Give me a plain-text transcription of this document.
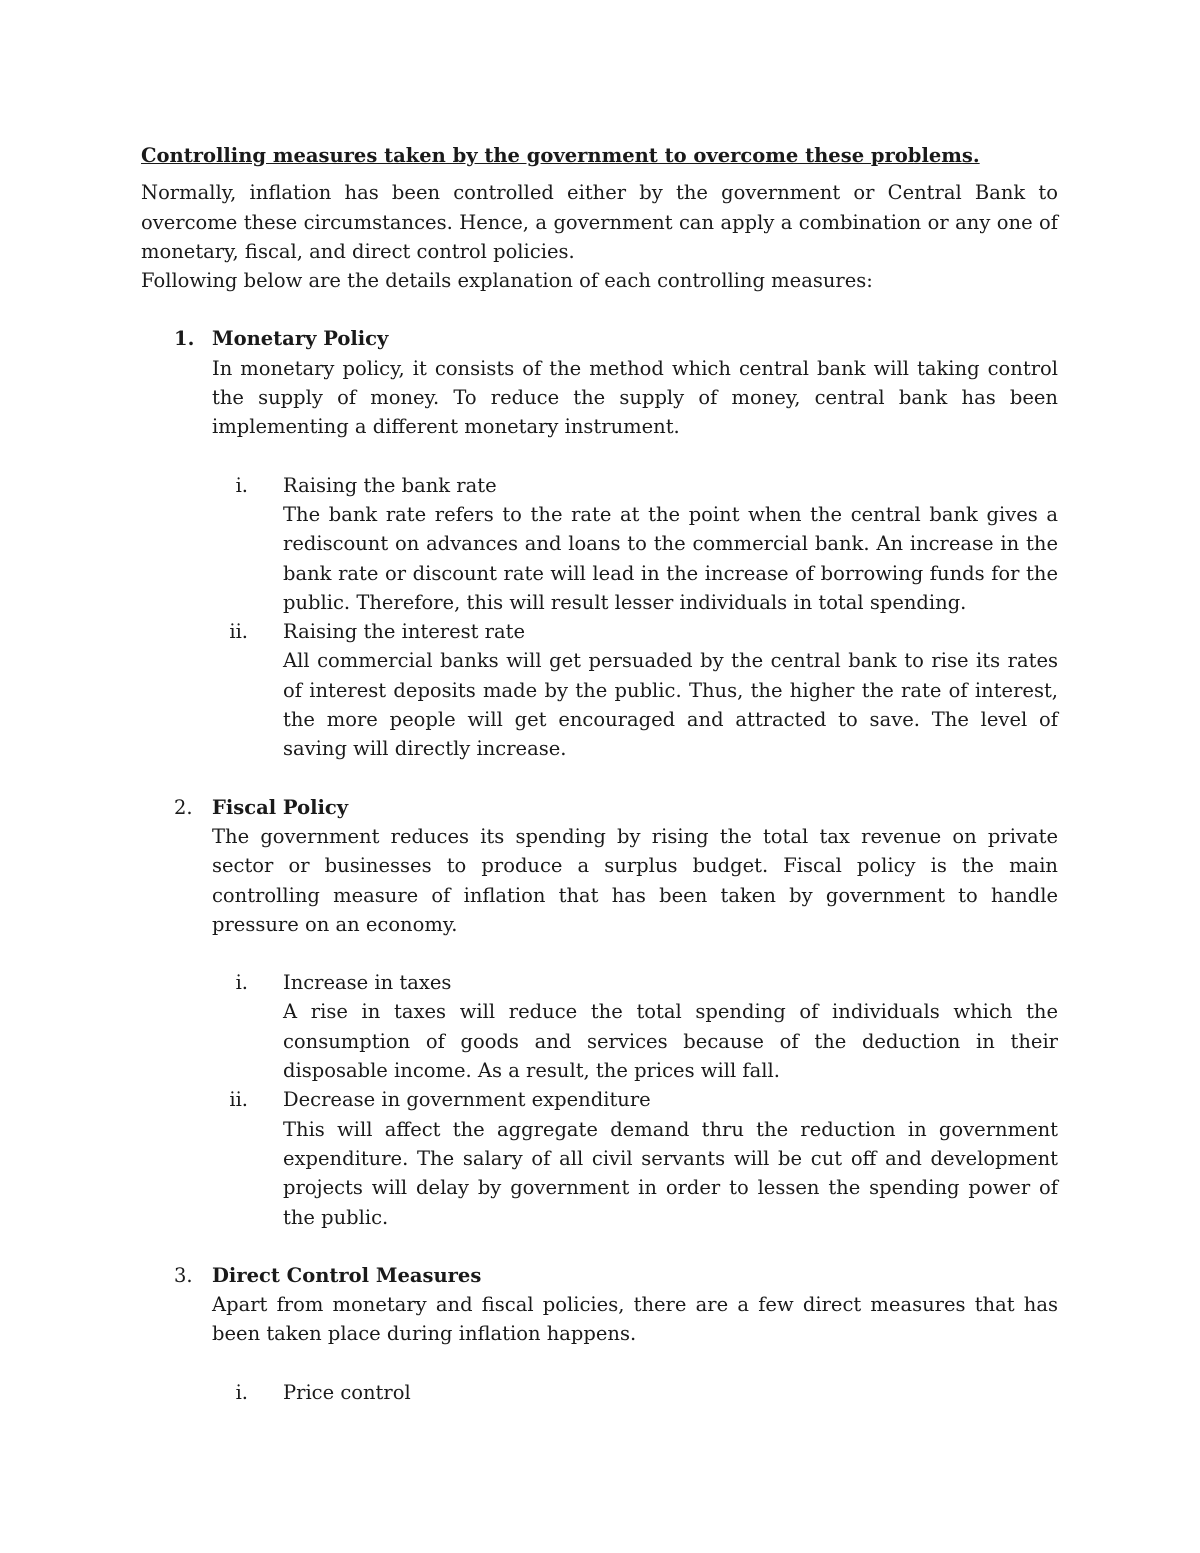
Controlling measures taken by the government to overcome these problems.

Normally, inflation has been controlled either by the government or Central Bank to overcome these circumstances. Hence, a government can apply a combination or any one of monetary, fiscal, and direct control policies.

Following below are the details explanation of each controlling measures:

1. Monetary Policy

In monetary policy, it consists of the method which central bank will taking control the supply of money. To reduce the supply of money, central bank has been implementing a different monetary instrument.

i. Raising the bank rate

The bank rate refers to the rate at the point when the central bank gives a rediscount on advances and loans to the commercial bank. An increase in the bank rate or discount rate will lead in the increase of borrowing funds for the public. Therefore, this will result lesser individuals in total spending.

ii. Raising the interest rate

All commercial banks will get persuaded by the central bank to rise its rates of interest deposits made by the public. Thus, the higher the rate of interest, the more people will get encouraged and attracted to save. The level of saving will directly increase.

2. Fiscal Policy

The government reduces its spending by rising the total tax revenue on private sector or businesses to produce a surplus budget. Fiscal policy is the main controlling measure of inflation that has been taken by government to handle pressure on an economy.

i. Increase in taxes

A rise in taxes will reduce the total spending of individuals which the consumption of goods and services because of the deduction in their disposable income. As a result, the prices will fall.

ii. Decrease in government expenditure

This will affect the aggregate demand thru the reduction in government expenditure. The salary of all civil servants will be cut off and development projects will delay by government in order to lessen the spending power of the public.

3. Direct Control Measures

Apart from monetary and fiscal policies, there are a few direct measures that has been taken place during inflation happens.

i. Price control
